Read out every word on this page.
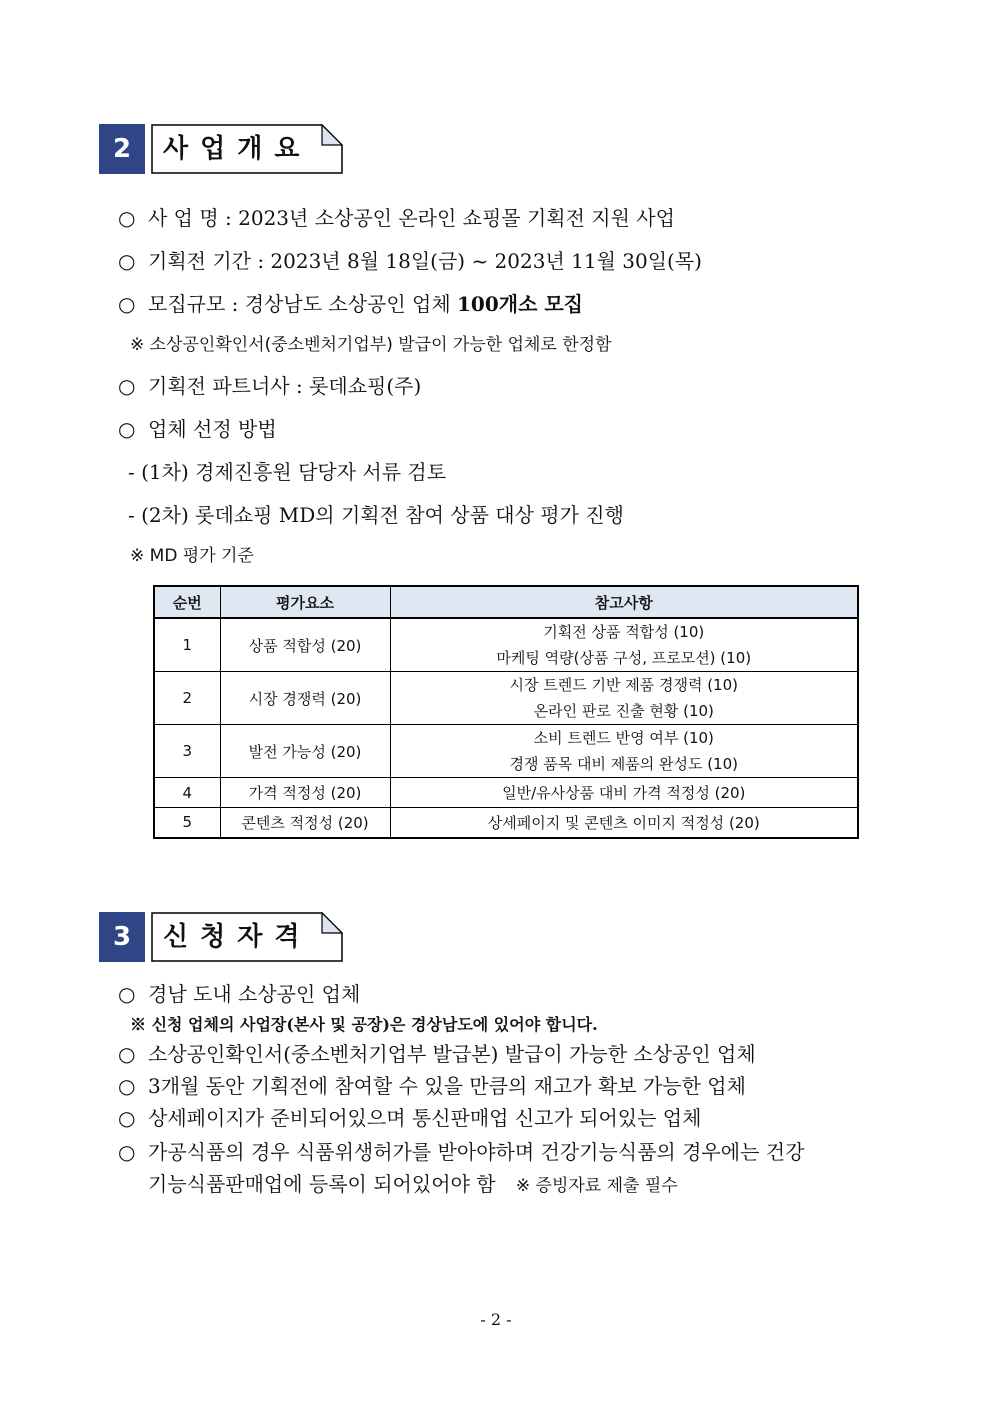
2	사업개요
○ 사 업 명 : 2023년 소상공인 온라인 쇼핑몰 기획전 지원 사업
○ 기획전 기간 : 2023년 8월 18일(금) ~ 2023년 11월 30일(목)
○ 모집규모 : 경상남도 소상공인 업체 100개소 모집
※ 소상공인확인서(중소벤처기업부) 발급이 가능한 업체로 한정함
○ 기획전 파트너사 : 롯데쇼핑(주)
○ 업체 선정 방법
- (1차) 경제진흥원 담당자 서류 검토
- (2차) 롯데쇼핑 MD의 기획전 참여 상품 대상 평가 진행
※ MD 평가 기준
순번	평가요소	참고사항
1	상품 적합성 (20)	기획전 상품 적합성 (10)
마케팅 역량(상품 구성, 프로모션) (10)

2	시장 경쟁력 (20)	시장 트렌드 기반 제품 경쟁력 (10)
온라인 판로 진출 현황 (10)

3	발전 가능성 (20)	소비 트렌드 반영 여부 (10)
경쟁 품목 대비 제품의 완성도 (10)

4	가격 적정성 (20)	일반/유사상품 대비 가격 적정성 (20)
5	콘텐츠 적정성 (20)	상세페이지 및 콘텐츠 이미지 적정성 (20)
3	신청자격
○ 경남 도내 소상공인 업체
※ 신청 업체의 사업장(본사 및 공장)은 경상남도에 있어야 합니다.
○ 소상공인확인서(중소벤처기업부 발급본) 발급이 가능한 소상공인 업체
○ 3개월 동안 기획전에 참여할 수 있을 만큼의 재고가 확보 가능한 업체
○ 상세페이지가 준비되어있으며 통신판매업 신고가 되어있는 업체
○ 가공식품의 경우 식품위생허가를 받아야하며 건강기능식품의 경우에는 건강
기능식품판매업에 등록이 되어있어야 함 ※ 증빙자료 제출 필수
- 2 -
